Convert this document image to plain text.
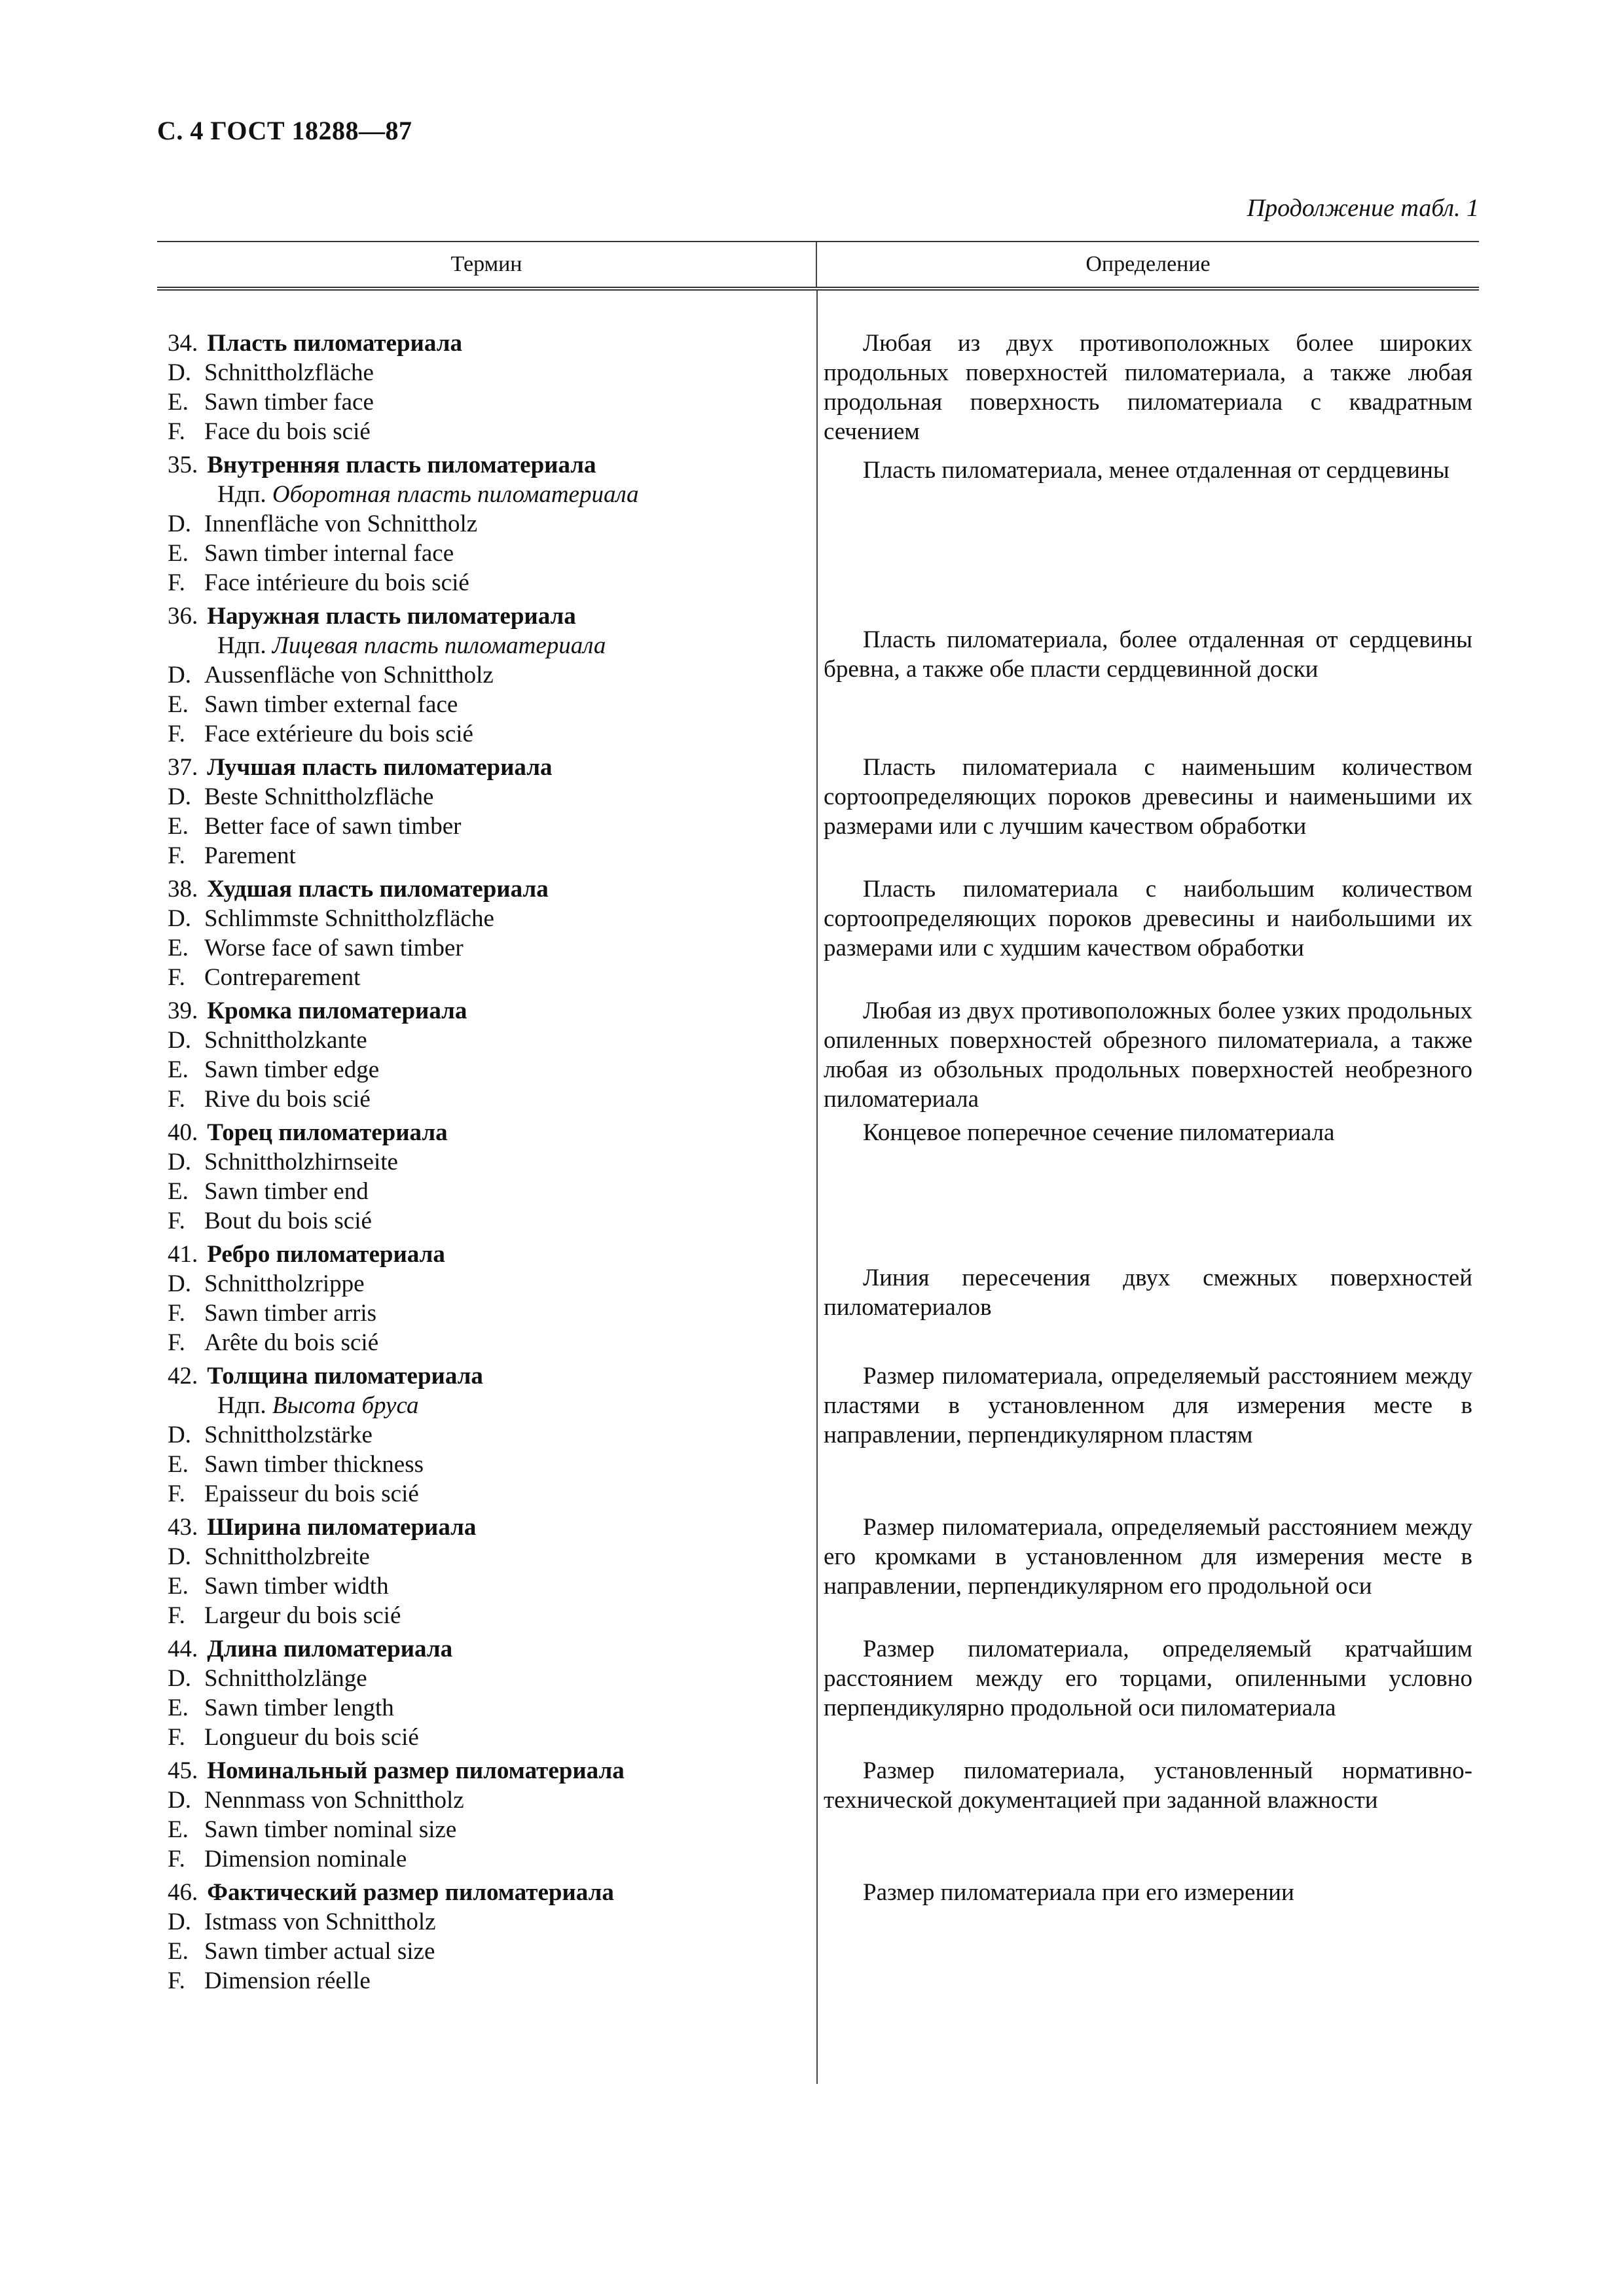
С. 4 ГОСТ 18288—87
Продолжение табл. 1
Термин	Определение
34. Пласть пиломатериала
D. Schnittholzfläche
E. Sawn timber face
F. Face du bois scié
Любая из двух противоположных более широких продольных поверхностей пиломатериала, а также любая продольная поверхность пиломатериала с квадратным сечением
35. Внутренняя пласть пиломатериала
Ндп. Оборотная пласть пиломатериала
D. Innenfläche von Schnittholz
E. Sawn timber internal face
F. Face intérieure du bois scié
Пласть пиломатериала, менее отдаленная от сердцевины
36. Наружная пласть пиломатериала
Ндп. Лицевая пласть пиломатериала
D. Aussenfläche von Schnittholz
E. Sawn timber external face
F. Face extérieure du bois scié
Пласть пиломатериала, более отдаленная от сердцевины бревна, а также обе пласти сердцевинной доски
37. Лучшая пласть пиломатериала
D. Beste Schnittholzfläche
E. Better face of sawn timber
F. Parement
Пласть пиломатериала с наименьшим количеством сортоопределяющих пороков древесины и наименьшими их размерами или с лучшим качеством обработки
38. Худшая пласть пиломатериала
D. Schlimmste Schnittholzfläche
E. Worse face of sawn timber
F. Contreparement
Пласть пиломатериала с наибольшим количеством сортоопределяющих пороков древесины и наибольшими их размерами или с худшим качеством обработки
39. Кромка пиломатериала
D. Schnittholzkante
E. Sawn timber edge
F. Rive du bois scié
Любая из двух противоположных более узких продольных опиленных поверхностей обрезного пиломатериала, а также любая из обзольных продольных поверхностей необрезного пиломатериала
40. Торец пиломатериала
D. Schnittholzhirnseite
E. Sawn timber end
F. Bout du bois scié
Концевое поперечное сечение пиломатериала
41. Ребро пиломатериала
D. Schnittholzrippe
F. Sawn timber arris
F. Arête du bois scié
Линия пересечения двух смежных поверхностей пиломатериалов
42. Толщина пиломатериала
Ндп. Высота бруса
D. Schnittholzstärke
E. Sawn timber thickness
F. Epaisseur du bois scié
Размер пиломатериала, определяемый расстоянием между пластями в установленном для измерения месте в направлении, перпендикулярном пластям
43. Ширина пиломатериала
D. Schnittholzbreite
E. Sawn timber width
F. Largeur du bois scié
Размер пиломатериала, определяемый расстоянием между его кромками в установленном для измерения месте в направлении, перпендикулярном его продольной оси
44. Длина пиломатериала
D. Schnittholzlänge
E. Sawn timber length
F. Longueur du bois scié
Размер пиломатериала, определяемый кратчайшим расстоянием между его торцами, опиленными условно перпендикулярно продольной оси пиломатериала
45. Номинальный размер пиломатериала
D. Nennmass von Schnittholz
E. Sawn timber nominal size
F. Dimension nominale
Размер пиломатериала, установленный нормативно-технической документацией при заданной влажности
46. Фактический размер пиломатериала
D. Istmass von Schnittholz
E. Sawn timber actual size
F. Dimension réelle
Размер пиломатериала при его измерении
